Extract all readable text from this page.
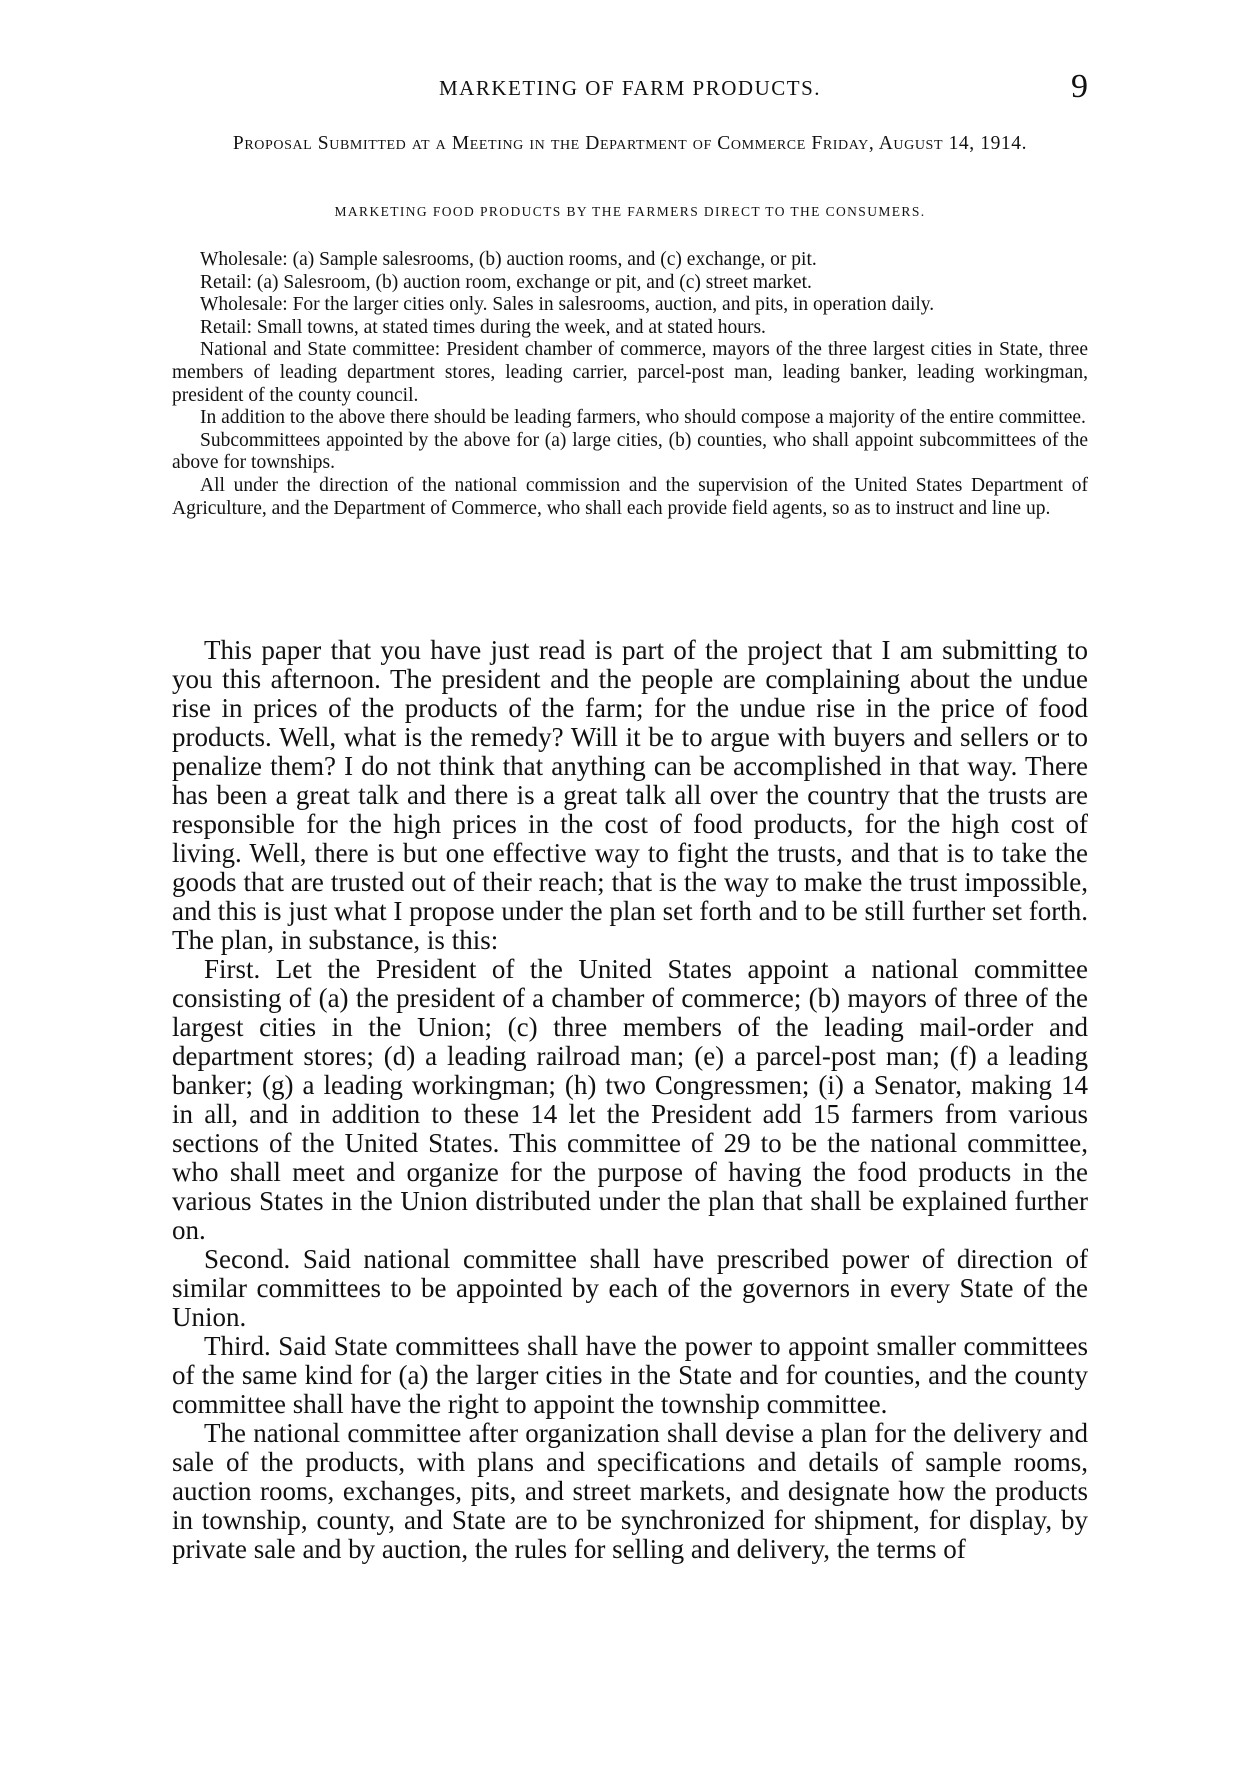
MARKETING OF FARM PRODUCTS.	9
Proposal Submitted at a Meeting in the Department of Commerce Friday, August 14, 1914.
MARKETING FOOD PRODUCTS BY THE FARMERS DIRECT TO THE CONSUMERS.

Wholesale: (a) Sample salesrooms, (b) auction rooms, and (c) exchange, or pit.

Retail: (a) Salesroom, (b) auction room, exchange or pit, and (c) street market.

Wholesale: For the larger cities only. Sales in salesrooms, auction, and pits, in operation daily.

Retail: Small towns, at stated times during the week, and at stated hours.

National and State committee: President chamber of commerce, mayors of the three largest cities in State, three members of leading department stores, leading carrier, parcel-post man, leading banker, leading workingman, president of the county council.

In addition to the above there should be leading farmers, who should compose a majority of the entire committee.

Subcommittees appointed by the above for (a) large cities, (b) counties, who shall appoint subcommittees of the above for townships.

All under the direction of the national commission and the supervision of the United States Department of Agriculture, and the Department of Commerce, who shall each provide field agents, so as to instruct and line up.

This paper that you have just read is part of the project that I am submitting to you this afternoon. The president and the people are complaining about the undue rise in prices of the products of the farm; for the undue rise in the price of food products. Well, what is the remedy? Will it be to argue with buyers and sellers or to penalize them? I do not think that anything can be accomplished in that way. There has been a great talk and there is a great talk all over the country that the trusts are responsible for the high prices in the cost of food products, for the high cost of living. Well, there is but one effective way to fight the trusts, and that is to take the goods that are trusted out of their reach; that is the way to make the trust impossible, and this is just what I propose under the plan set forth and to be still further set forth. The plan, in substance, is this:

First. Let the President of the United States appoint a national committee consisting of (a) the president of a chamber of commerce; (b) mayors of three of the largest cities in the Union; (c) three members of the leading mail-order and department stores; (d) a leading railroad man; (e) a parcel-post man; (f) a leading banker; (g) a leading workingman; (h) two Congressmen; (i) a Senator, making 14 in all, and in addition to these 14 let the President add 15 farmers from various sections of the United States. This committee of 29 to be the national committee, who shall meet and organize for the purpose of having the food products in the various States in the Union distributed under the plan that shall be explained further on.

Second. Said national committee shall have prescribed power of direction of similar committees to be appointed by each of the governors in every State of the Union.

Third. Said State committees shall have the power to appoint smaller committees of the same kind for (a) the larger cities in the State and for counties, and the county committee shall have the right to appoint the township committee.

The national committee after organization shall devise a plan for the delivery and sale of the products, with plans and specifications and details of sample rooms, auction rooms, exchanges, pits, and street markets, and designate how the products in township, county, and State are to be synchronized for shipment, for display, by private sale and by auction, the rules for selling and delivery, the terms of
